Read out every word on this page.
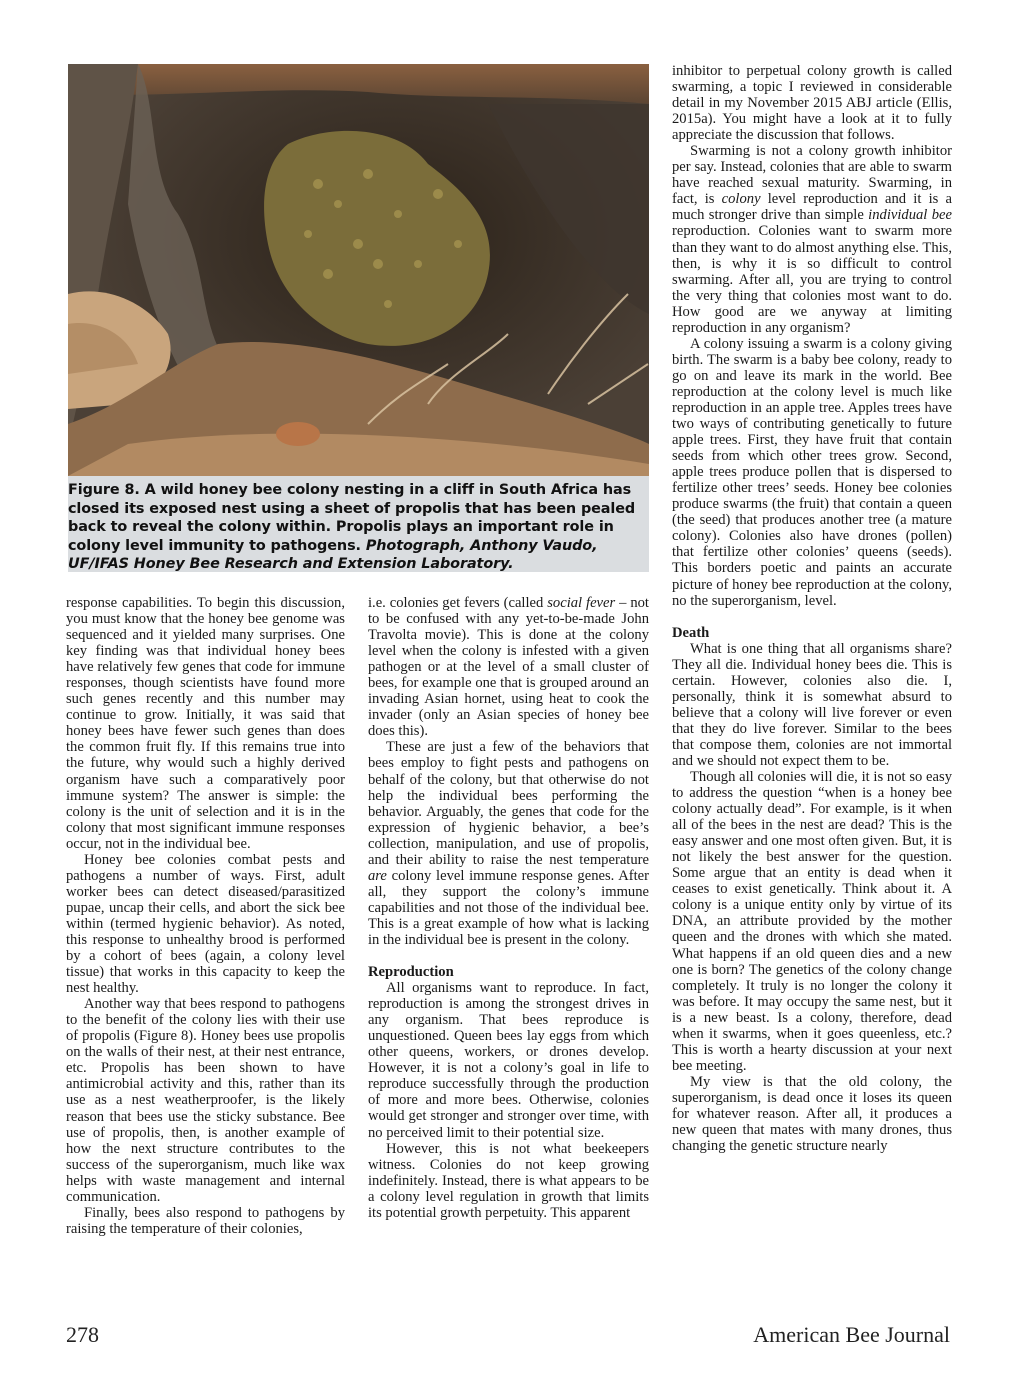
Figure 8. A wild honey bee colony nesting in a cliff in South Africa has closed its exposed nest using a sheet of propolis that has been pealed back to reveal the colony within. Propolis plays an important role in colony level immunity to pathogens. Photograph, Anthony Vaudo, UF/IFAS Honey Bee Research and Extension Laboratory.

response capabilities. To begin this discussion, you must know that the honey bee genome was sequenced and it yielded many surprises. One key finding was that individual honey bees have relatively few genes that code for immune responses, though scientists have found more such genes recently and this number may continue to grow. Initially, it was said that honey bees have fewer such genes than does the common fruit fly. If this remains true into the future, why would such a highly derived organism have such a comparatively poor immune system? The answer is simple: the colony is the unit of selection and it is in the colony that most significant immune responses occur, not in the individual bee.

Honey bee colonies combat pests and pathogens a number of ways. First, adult worker bees can detect diseased/parasitized pupae, uncap their cells, and abort the sick bee within (termed hygienic behavior). As noted, this response to unhealthy brood is performed by a cohort of bees (again, a colony level tissue) that works in this capacity to keep the nest healthy.

Another way that bees respond to pathogens to the benefit of the colony lies with their use of propolis (Figure 8). Honey bees use propolis on the walls of their nest, at their nest entrance, etc. Propolis has been shown to have antimicrobial activity and this, rather than its use as a nest weatherproofer, is the likely reason that bees use the sticky substance. Bee use of propolis, then, is another example of how the next structure contributes to the success of the superorganism, much like wax helps with waste management and internal communication.

Finally, bees also respond to pathogens by raising the temperature of their colonies,

i.e. colonies get fevers (called social fever – not to be confused with any yet-to-be-made John Travolta movie). This is done at the colony level when the colony is infested with a given pathogen or at the level of a small cluster of bees, for example one that is grouped around an invading Asian hornet, using heat to cook the invader (only an Asian species of honey bee does this).

These are just a few of the behaviors that bees employ to fight pests and pathogens on behalf of the colony, but that otherwise do not help the individual bees performing the behavior. Arguably, the genes that code for the expression of hygienic behavior, a bee’s collection, manipulation, and use of propolis, and their ability to raise the nest temperature are colony level immune response genes. After all, they support the colony’s immune capabilities and not those of the individual bee. This is a great example of how what is lacking in the individual bee is present in the colony.

Reproduction

All organisms want to reproduce. In fact, reproduction is among the strongest drives in any organism. That bees reproduce is unquestioned. Queen bees lay eggs from which other queens, workers, or drones develop. However, it is not a colony’s goal in life to reproduce successfully through the production of more and more bees. Otherwise, colonies would get stronger and stronger over time, with no perceived limit to their potential size.

However, this is not what beekeepers witness. Colonies do not keep growing indefinitely. Instead, there is what appears to be a colony level regulation in growth that limits its potential growth perpetuity. This apparent

inhibitor to perpetual colony growth is called swarming, a topic I reviewed in considerable detail in my November 2015 ABJ article (Ellis, 2015a). You might have a look at it to fully appreciate the discussion that follows.

Swarming is not a colony growth inhibitor per say. Instead, colonies that are able to swarm have reached sexual maturity. Swarming, in fact, is colony level reproduction and it is a much stronger drive than simple individual bee reproduction. Colonies want to swarm more than they want to do almost anything else. This, then, is why it is so difficult to control swarming. After all, you are trying to control the very thing that colonies most want to do. How good are we anyway at limiting reproduction in any organism?

A colony issuing a swarm is a colony giving birth. The swarm is a baby bee colony, ready to go on and leave its mark in the world. Bee reproduction at the colony level is much like reproduction in an apple tree. Apples trees have two ways of contributing genetically to future apple trees. First, they have fruit that contain seeds from which other trees grow. Second, apple trees produce pollen that is dispersed to fertilize other trees’ seeds. Honey bee colonies produce swarms (the fruit) that contain a queen (the seed) that produces another tree (a mature colony). Colonies also have drones (pollen) that fertilize other colonies’ queens (seeds). This borders poetic and paints an accurate picture of honey bee reproduction at the colony, no the superorganism, level.

Death

What is one thing that all organisms share? They all die. Individual honey bees die. This is certain. However, colonies also die. I, personally, think it is somewhat absurd to believe that a colony will live forever or even that they do live forever. Similar to the bees that compose them, colonies are not immortal and we should not expect them to be.

Though all colonies will die, it is not so easy to address the question “when is a honey bee colony actually dead”. For example, is it when all of the bees in the nest are dead? This is the easy answer and one most often given. But, it is not likely the best answer for the question. Some argue that an entity is dead when it ceases to exist genetically. Think about it. A colony is a unique entity only by virtue of its DNA, an attribute provided by the mother queen and the drones with which she mated. What happens if an old queen dies and a new one is born? The genetics of the colony change completely. It truly is no longer the colony it was before. It may occupy the same nest, but it is a new beast. Is a colony, therefore, dead when it swarms, when it goes queenless, etc.? This is worth a hearty discussion at your next bee meeting.

My view is that the old colony, the superorganism, is dead once it loses its queen for whatever reason. After all, it produces a new queen that mates with many drones, thus changing the genetic structure nearly

278	American Bee Journal
